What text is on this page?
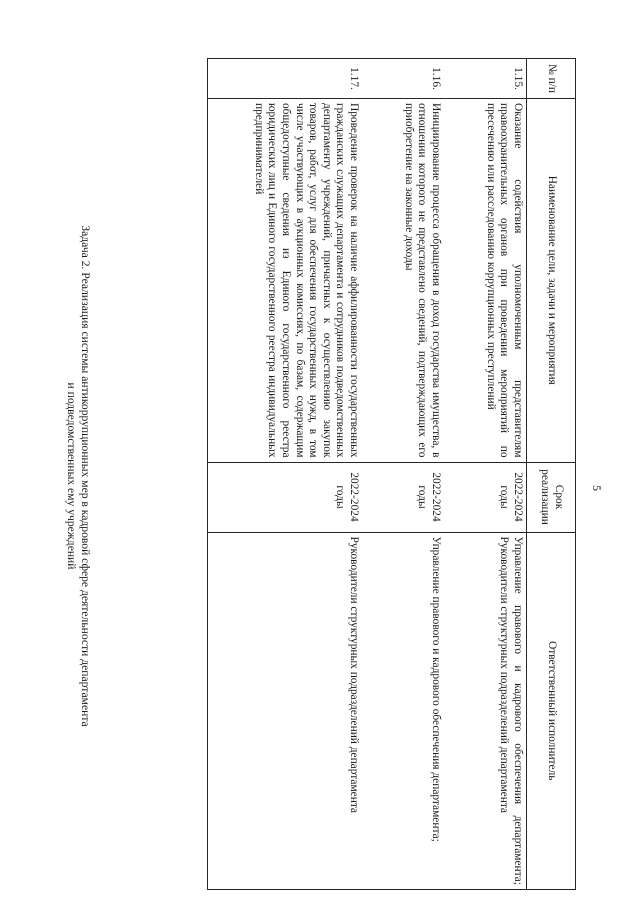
5
№ п/п	Наименование цели, задачи и мероприятия	Срок реализации	Ответственный исполнитель
1.15.	Оказание содействия уполномоченным представителям правоохранительных органов при проведении мероприятий по пресечению или расследованию коррупционных преступлений	2022-2024 годы	Управление правового и кадрового обеспечения департамента; Руководители структурных подразделений департамента
1.16.	Инициирование процесса обращения в доход государства имущества, в отношении которого не представлено сведений, подтверждающих его приобретение на законные доходы	2022-2024 годы	Управление правового и кадрового обеспечения департамента;
1.17.	Проведение проверок на наличие аффилированности государственных гражданских служащих департамента и сотрудников подведомственных департаменту учреждений, причастных к осуществлению закупок товаров, работ, услуг для обеспечения государственных нужд, в том числе участвующих в аукционных комиссиях, по базам, содержащим общедоступные сведения из Единого государственного реестра юридических лиц и Единого государственного реестра индивидуальных предпринимателей	2022-2024 годы	Руководители структурных подразделений департамента
Задача 2. Реализация системы антикоррупционных мер в кадровой сфере деятельности департамента
и подведомственных ему учреждений
